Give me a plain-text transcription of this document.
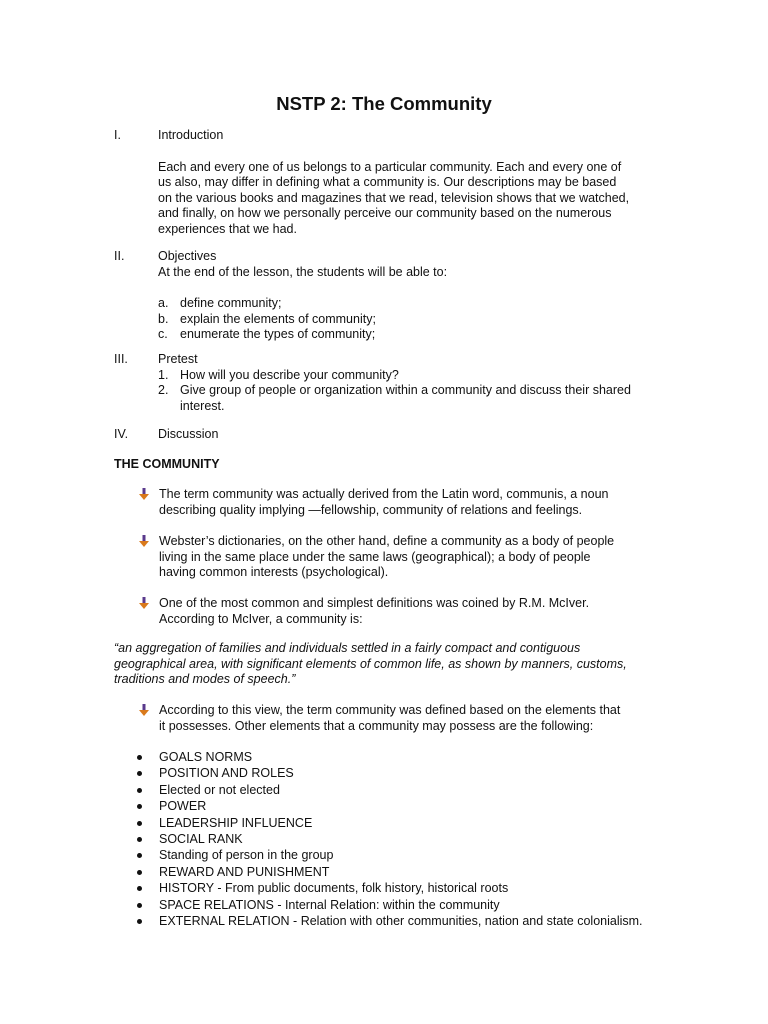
NSTP 2: The Community
I.	Introduction

Each and every one of us belongs to a particular community. Each and every one of

us also, may differ in defining what a community is. Our descriptions may be based

on the various books and magazines that we read, television shows that we watched,

and finally, on how we personally perceive our community based on the numerous

experiences that we had.

II.	Objectives
At the end of the lesson, the students will be able to:
a. define community;
b. explain the elements of community;
c. enumerate the types of community;
III. Pretest
1. How will you describe your community?
2. Give group of people or organization within a community and discuss their shared
interest.
IV. Discussion
THE COMMUNITY
The term community was actually derived from the Latin word, communis, a noun
describing quality implying —fellowship, community of relations and feelings.
Webster’s dictionaries, on the other hand, define a community as a body of people
living in the same place under the same laws (geographical); a body of people
having common interests (psychological).
One of the most common and simplest definitions was coined by R.M. McIver.
According to McIver, a community is:
“an aggregation of families and individuals settled in a fairly compact and contiguous
geographical area, with significant elements of common life, as shown by manners, customs,
traditions and modes of speech.”
According to this view, the term community was defined based on the elements that
it possesses. Other elements that a community may possess are the following:
GOALS NORMS
POSITION AND ROLES
Elected or not elected
POWER
LEADERSHIP INFLUENCE
SOCIAL RANK
Standing of person in the group
REWARD AND PUNISHMENT
HISTORY - From public documents, folk history, historical roots
SPACE RELATIONS - Internal Relation: within the community
EXTERNAL RELATION - Relation with other communities, nation and state colonialism.
